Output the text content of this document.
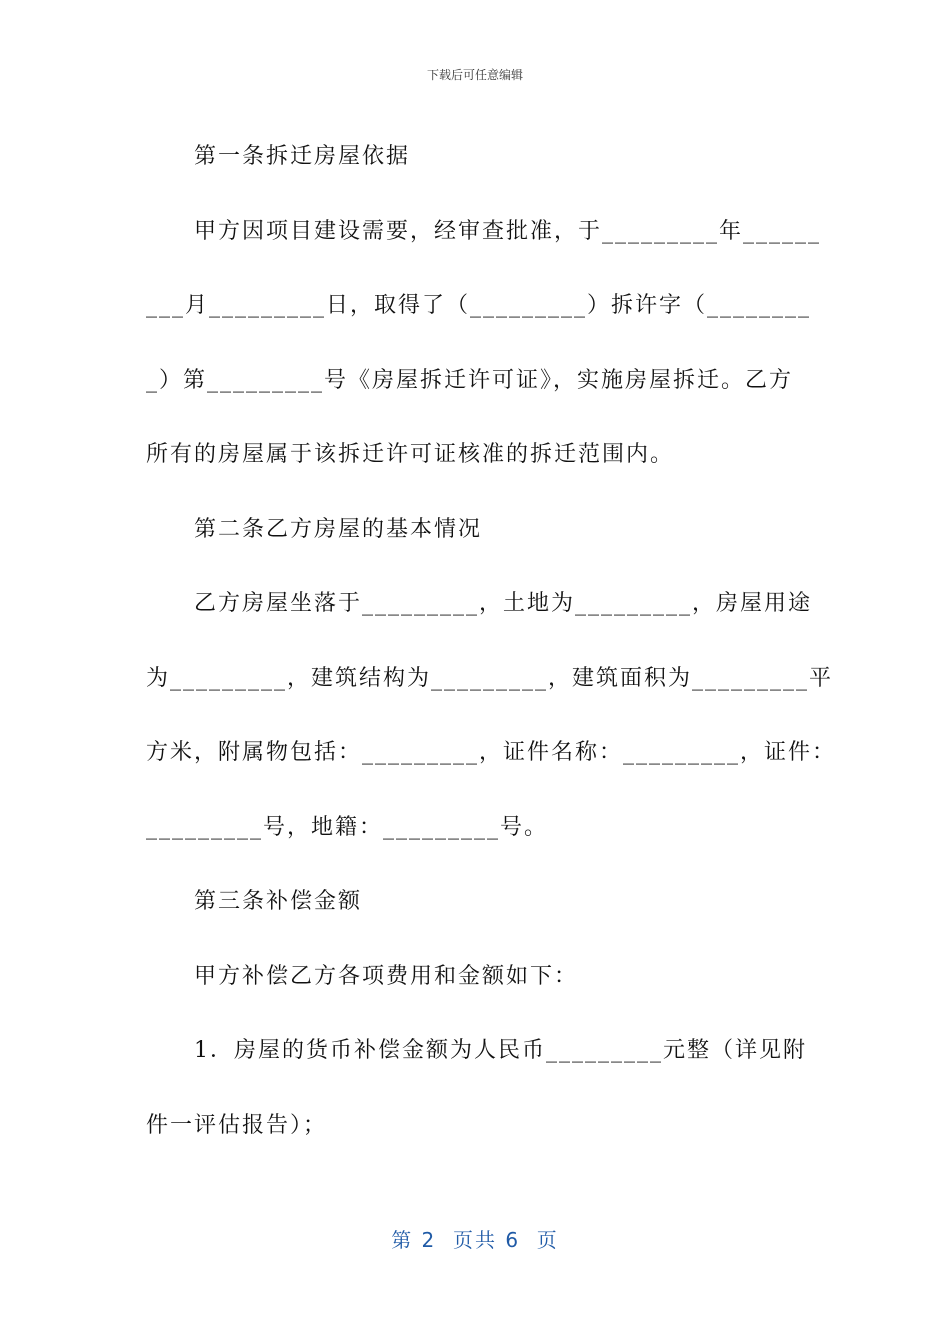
下载后可任意编辑
第一条拆迁房屋依据
甲方因项目建设需要，经审查批准，于_________年______
___月_________日，取得了（_________）拆许字（________
_）第_________号《房屋拆迁许可证》，实施房屋拆迁。乙方
所有的房屋属于该拆迁许可证核准的拆迁范围内。
第二条乙方房屋的基本情况
乙方房屋坐落于_________，土地为_________，房屋用途
为_________，建筑结构为_________，建筑面积为_________平
方米，附属物包括：_________，证件名称：_________，证件：
_________号，地籍：_________号。
第三条补偿金额
甲方补偿乙方各项费用和金额如下：
1．房屋的货币补偿金额为人民币_________元整（详见附
件一评估报告）；
第 2  页共 6  页
